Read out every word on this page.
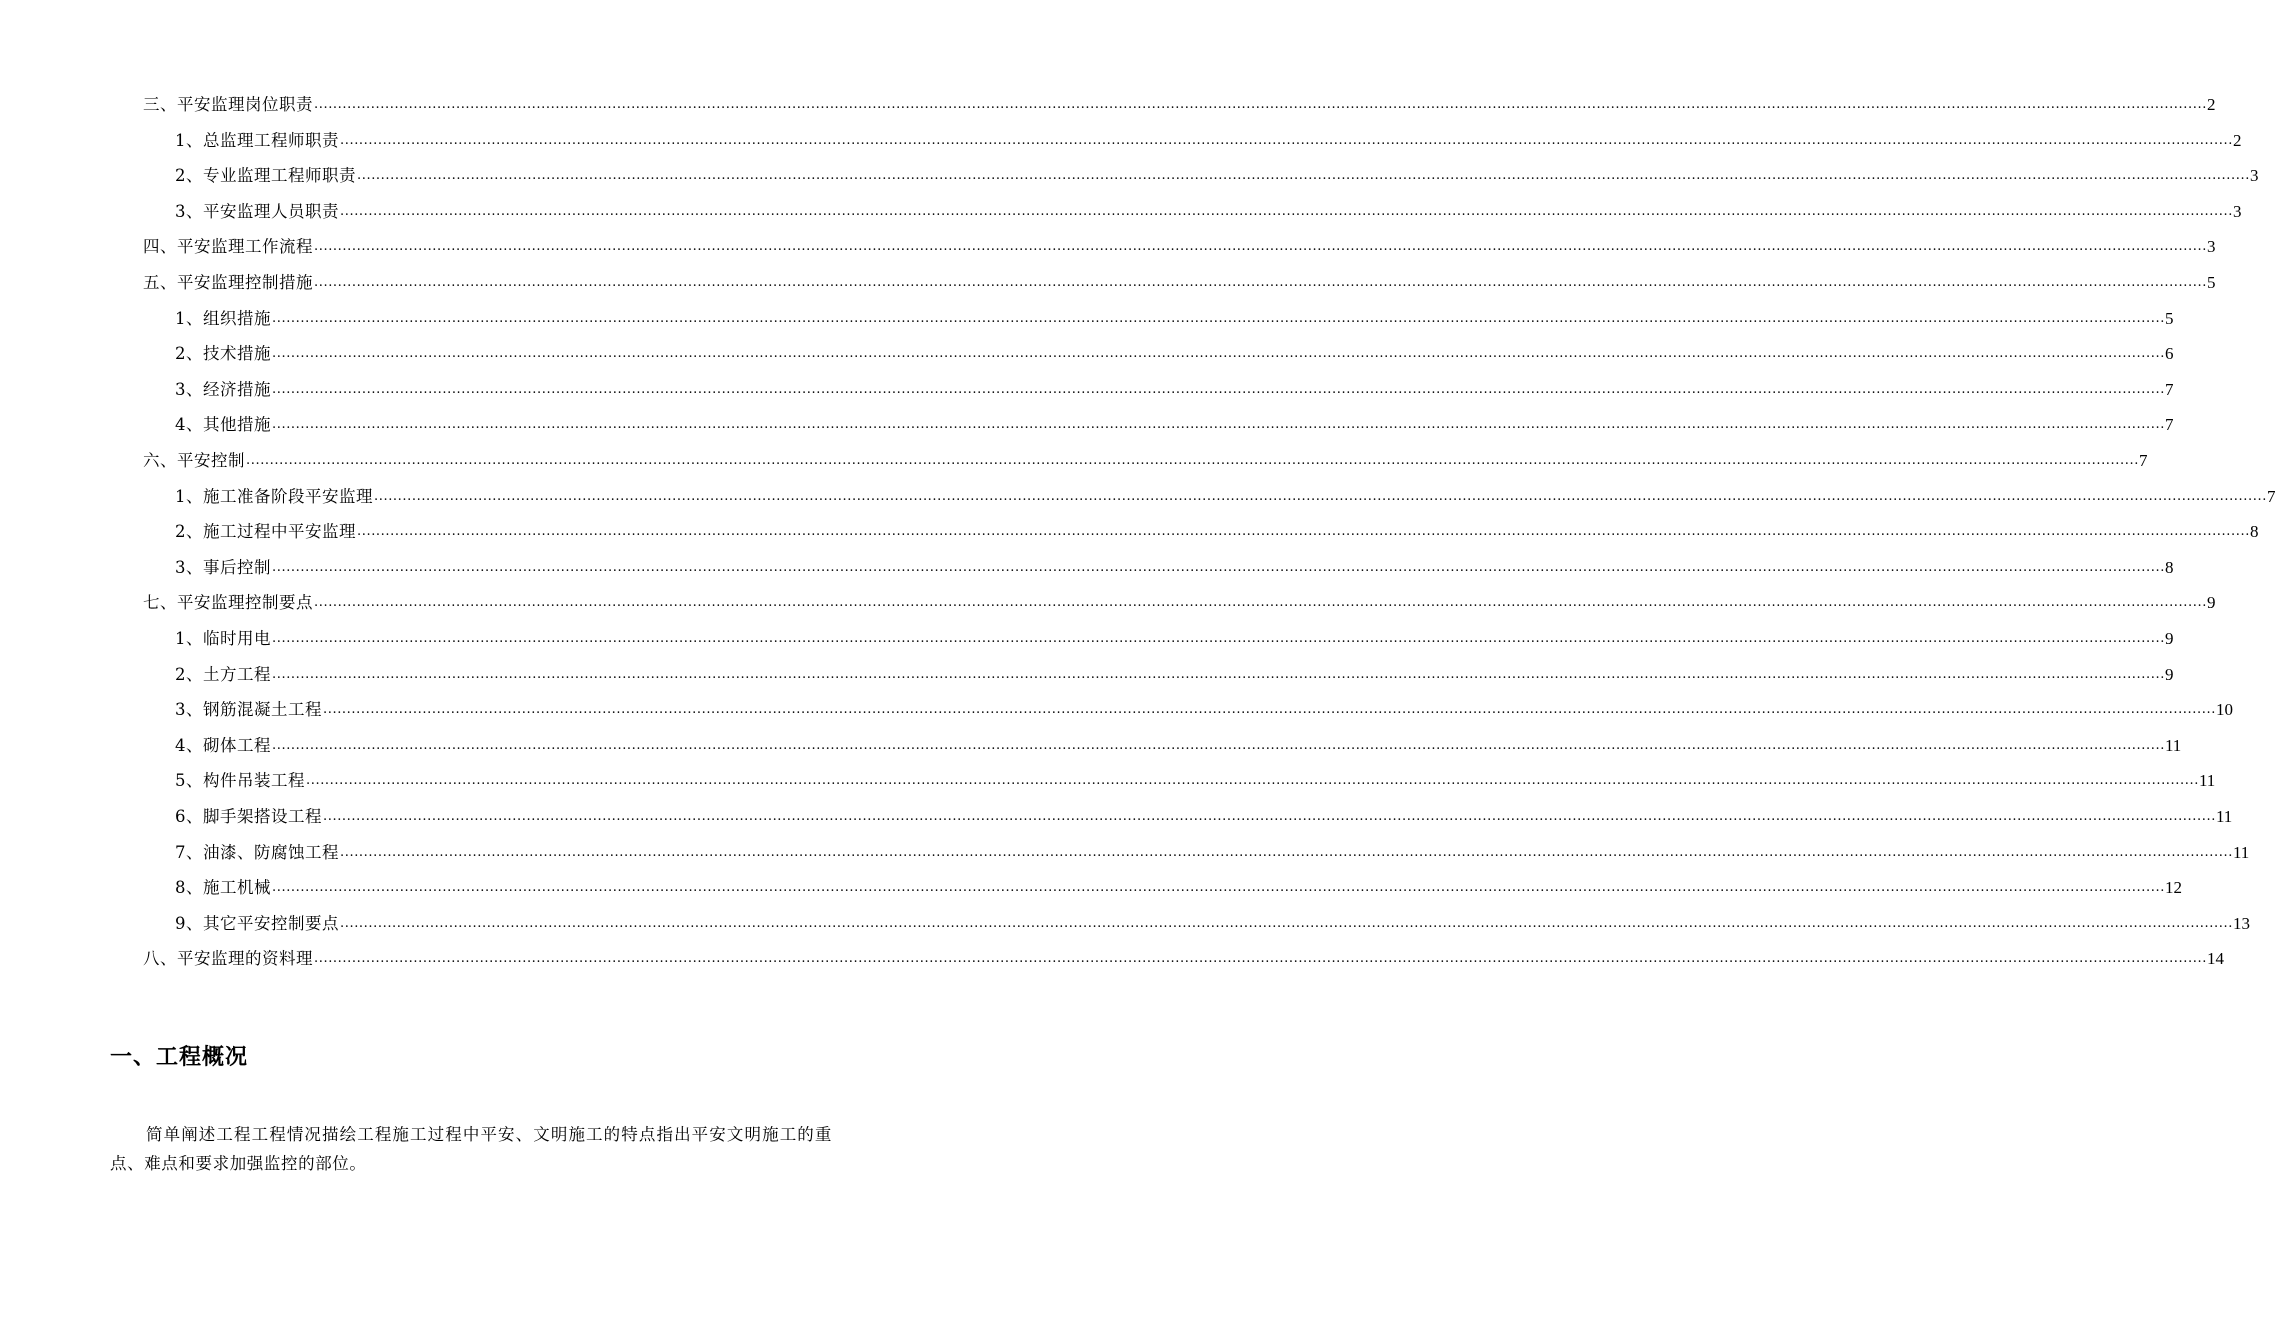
三、平安监理岗位职责 ................................................................................................................................................................................................................................................................................................................................................................................................................ 2
1、总监理工程师职责 ................................................................................................................................................................................................................................................................................................................................................................................................................ 2
2、专业监理工程师职责 ................................................................................................................................................................................................................................................................................................................................................................................................................ 3
3、平安监理人员职责 ................................................................................................................................................................................................................................................................................................................................................................................................................ 3
四、平安监理工作流程 ................................................................................................................................................................................................................................................................................................................................................................................................................ 3
五、平安监理控制措施 ................................................................................................................................................................................................................................................................................................................................................................................................................ 5
1、组织措施 ................................................................................................................................................................................................................................................................................................................................................................................................................ 5
2、技术措施 ................................................................................................................................................................................................................................................................................................................................................................................................................ 6
3、经济措施 ................................................................................................................................................................................................................................................................................................................................................................................................................ 7
4、其他措施 ................................................................................................................................................................................................................................................................................................................................................................................................................ 7
六、平安控制 ................................................................................................................................................................................................................................................................................................................................................................................................................ 7
1、施工准备阶段平安监理 ................................................................................................................................................................................................................................................................................................................................................................................................................ 7
2、施工过程中平安监理 ................................................................................................................................................................................................................................................................................................................................................................................................................ 8
3、事后控制 ................................................................................................................................................................................................................................................................................................................................................................................................................ 8
七、平安监理控制要点 ................................................................................................................................................................................................................................................................................................................................................................................................................ 9
1、临时用电 ................................................................................................................................................................................................................................................................................................................................................................................................................ 9
2、土方工程 ................................................................................................................................................................................................................................................................................................................................................................................................................ 9
3、钢筋混凝土工程 ................................................................................................................................................................................................................................................................................................................................................................................................................ 10
4、砌体工程 ................................................................................................................................................................................................................................................................................................................................................................................................................ 11
5、构件吊装工程 ................................................................................................................................................................................................................................................................................................................................................................................................................ 11
6、脚手架搭设工程 ................................................................................................................................................................................................................................................................................................................................................................................................................ 11
7、油漆、防腐蚀工程 ................................................................................................................................................................................................................................................................................................................................................................................................................ 11
8、施工机械 ................................................................................................................................................................................................................................................................................................................................................................................................................ 12
9、其它平安控制要点 ................................................................................................................................................................................................................................................................................................................................................................................................................ 13
八、平安监理的资料理 ................................................................................................................................................................................................................................................................................................................................................................................................................ 14
一、工程概况
简单阐述工程工程情况描绘工程施工过程中平安、文明施工的特点指出平安文明施工的重点、难点和要求加强监控的部位。
